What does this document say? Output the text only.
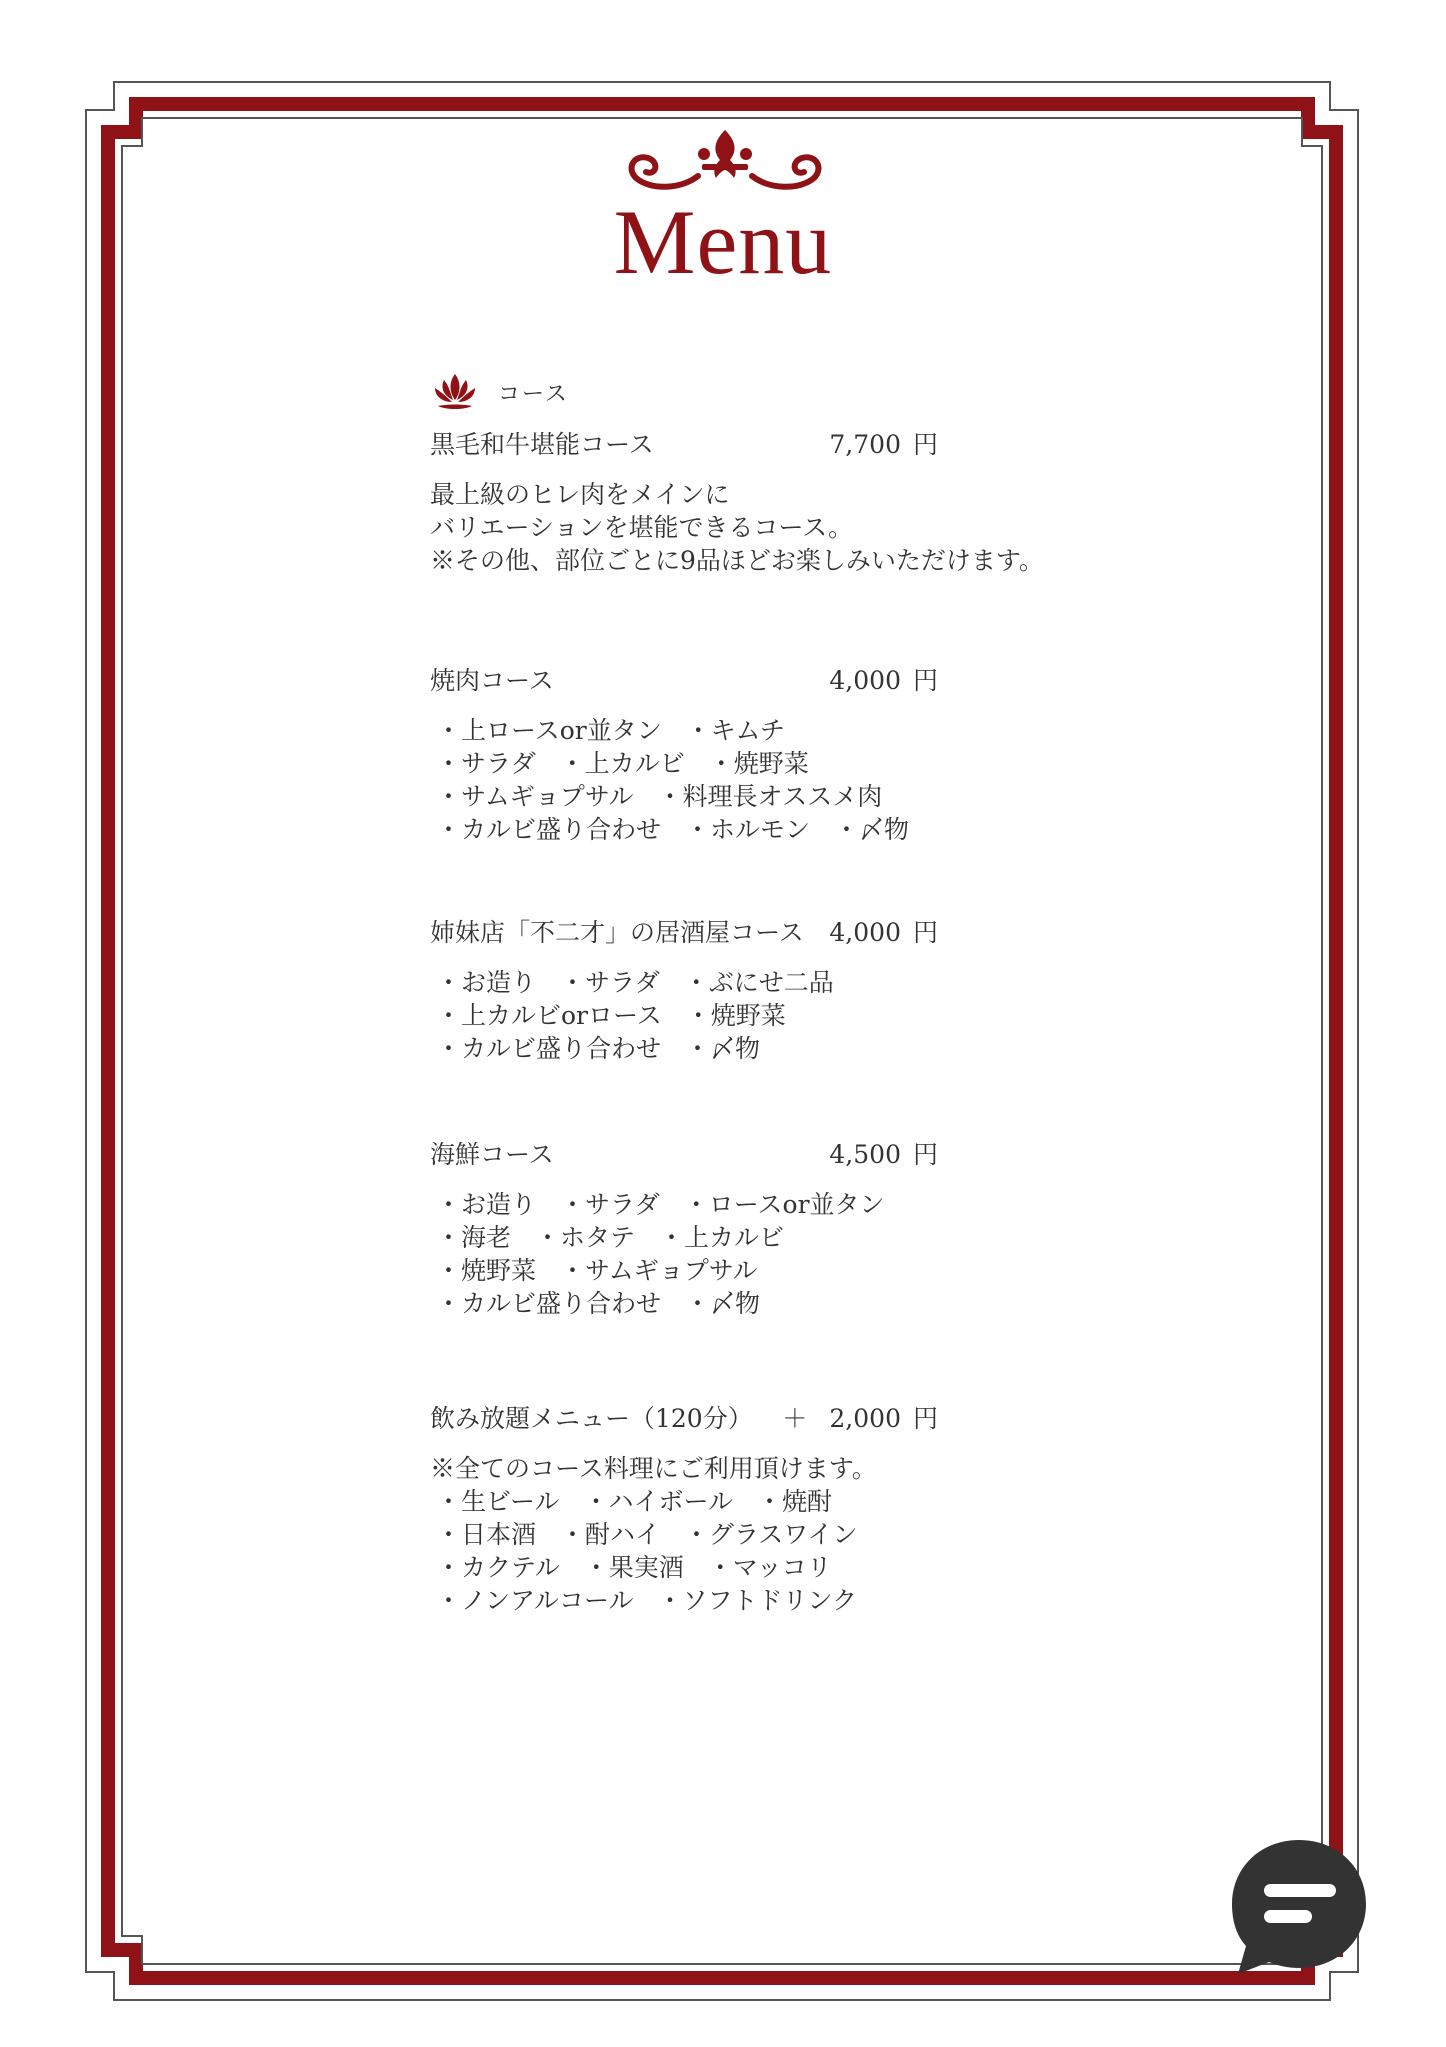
Menu
コース
黒毛和牛堪能コース	7,700 円
最上級のヒレ肉をメインに
バリエーションを堪能できるコース。
※その他、部位ごとに9品ほどお楽しみいただけます。
焼肉コース	4,000 円
・上ロースor並タン ・キムチ
・サラダ ・上カルビ ・焼野菜
・サムギョプサル ・料理長オススメ肉
・カルビ盛り合わせ ・ホルモン ・〆物
姉妹店「不二才」の居酒屋コース 4,000 円
・お造り ・サラダ ・ぶにせ二品
・上カルビorロース ・焼野菜
・カルビ盛り合わせ ・〆物
海鮮コース	4,500 円
・お造り ・サラダ ・ロースor並タン
・海老 ・ホタテ ・上カルビ
・焼野菜 ・サムギョプサル
・カルビ盛り合わせ ・〆物
飲み放題メニュー（120分） ＋ 2,000 円
※全てのコース料理にご利用頂けます。
・生ビール ・ハイボール ・焼酎
・日本酒 ・酎ハイ ・グラスワイン
・カクテル ・果実酒 ・マッコリ
・ノンアルコール ・ソフトドリンク
